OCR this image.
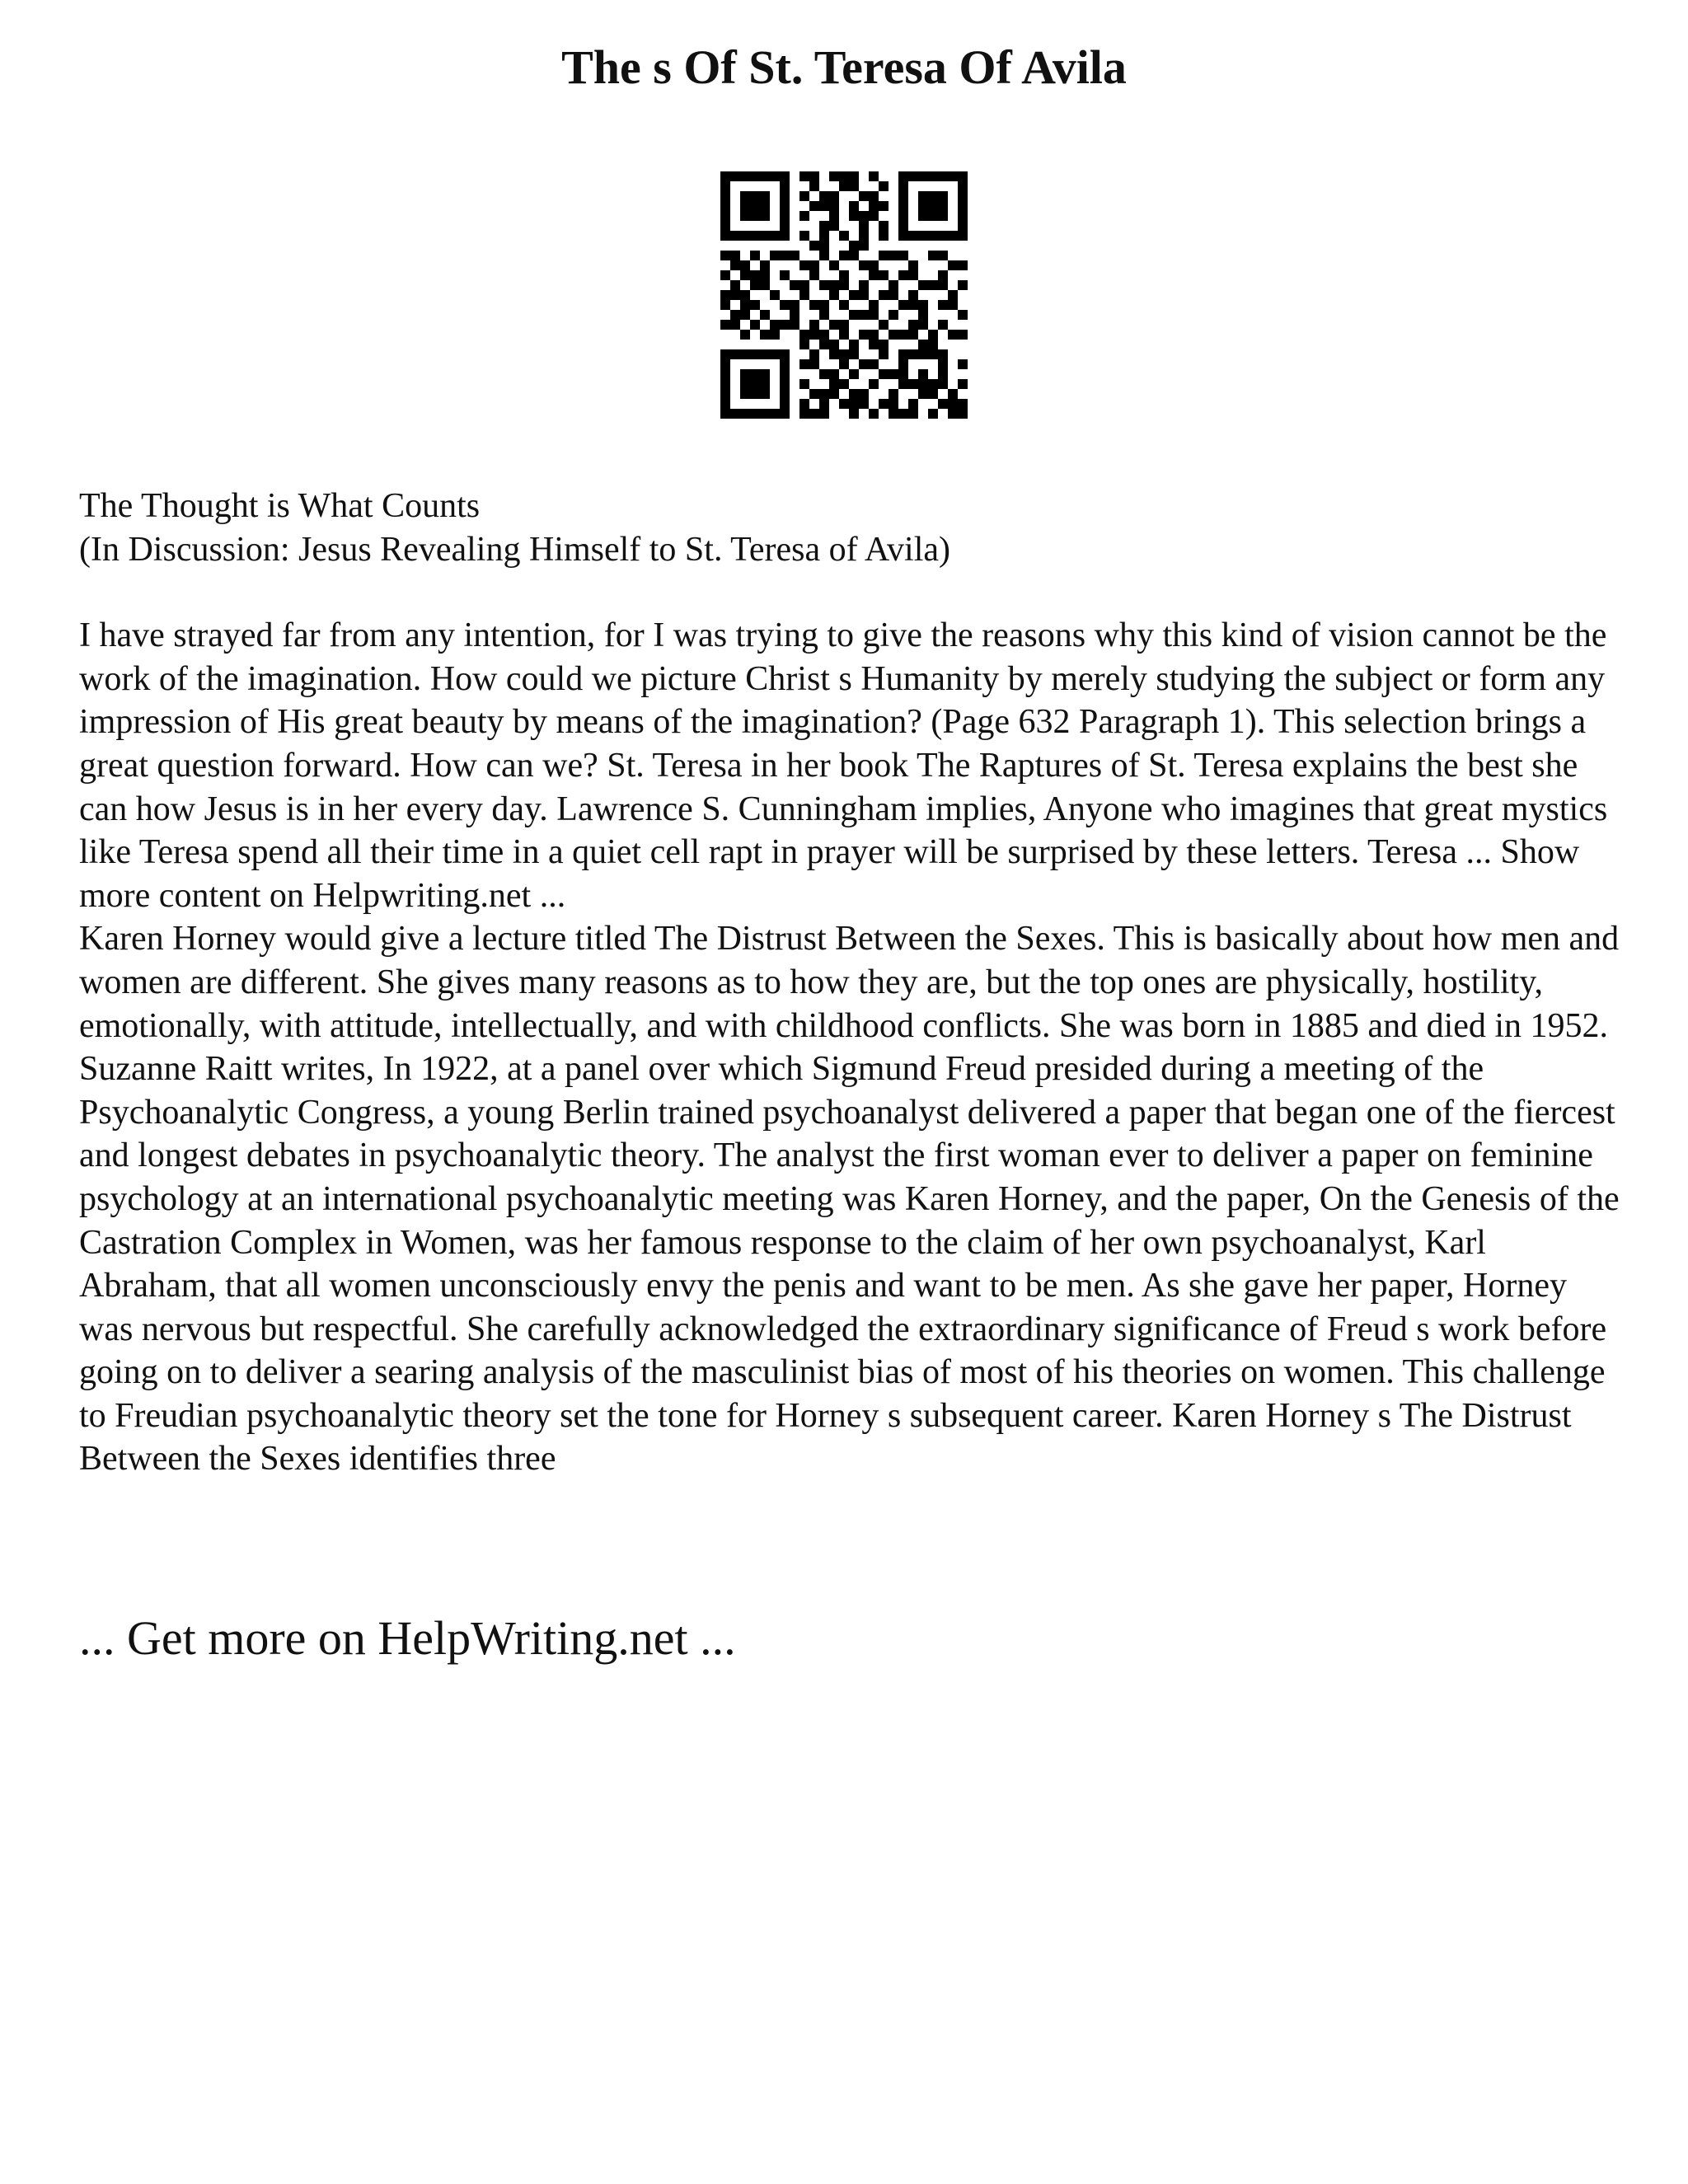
The s Of St. Teresa Of Avila

The Thought is What Counts

(In Discussion: Jesus Revealing Himself to St. Teresa of Avila)

I have strayed far from any intention, for I was trying to give the reasons why this kind of vision cannot be the work of the imagination. How could we picture Christ s Humanity by merely studying the subject or form any impression of His great beauty by means of the imagination? (Page 632 Paragraph 1). This selection brings a great question forward. How can we? St. Teresa in her book The Raptures of St. Teresa explains the best she can how Jesus is in her every day. Lawrence S. Cunningham implies, Anyone who imagines that great mystics like Teresa spend all their time in a quiet cell rapt in prayer will be surprised by these letters. Teresa ... Show more content on Helpwriting.net ...

Karen Horney would give a lecture titled The Distrust Between the Sexes. This is basically about how men and women are different. She gives many reasons as to how they are, but the top ones are physically, hostility, emotionally, with attitude, intellectually, and with childhood conflicts. She was born in 1885 and died in 1952. Suzanne Raitt writes, In 1922, at a panel over which Sigmund Freud presided during a meeting of the Psychoanalytic Congress, a young Berlin trained psychoanalyst delivered a paper that began one of the fiercest and longest debates in psychoanalytic theory. The analyst the first woman ever to deliver a paper on feminine psychology at an international psychoanalytic meeting was Karen Horney, and the paper, On the Genesis of the Castration Complex in Women, was her famous response to the claim of her own psychoanalyst, Karl Abraham, that all women unconsciously envy the penis and want to be men. As she gave her paper, Horney was nervous but respectful. She carefully acknowledged the extraordinary significance of Freud s work before going on to deliver a searing analysis of the masculinist bias of most of his theories on women. This challenge to Freudian psychoanalytic theory set the tone for Horney s subsequent career. Karen Horney s The Distrust Between the Sexes identifies three

... Get more on HelpWriting.net ...
